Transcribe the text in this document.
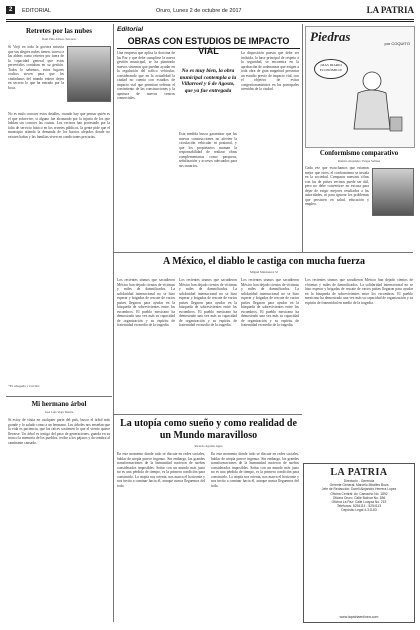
2	EDITORIAL	Oruro, Lunes 2 de octubre de 2017	LA PATRIA
Retretes por las nubes
Raúl Pino-Ichazo Terrazas
Si Vieji en toda la grosera miseria que sus alegres nubes tienen, suceso a las aldeas como retretes por fuera de la capacidad general que estos pervertidos contaban en su gestión. Todos lo sabemos, estos lugares ocultos sirven para que los ciudadanos del mundo entero dejen en secreto lo que ha entrado por la boca.
No es malo conocer estos detalles, cuando hay que pensar quién es el que sobrevive, si alguno fue alcanzado por la injuria de los que hablan sin conocer las causas. Los vecinos han protestado por la falta de servicio básico en los retretes públicos, la gente pide que el municipio atienda la demanda de los barrios alejados donde no existen baños y las familias viven en condiciones precarias.
*Es abogado y escritor.
Mi hermano árbol
José Luis Vega Duarte
Si estoy de visita en cualquier parte del país, busco el árbol más grande y lo saludo como a un hermano. Los árboles nos enseñan que la vida es paciencia, que las raíces sostienen lo que el viento quiere llevarse. Un árbol es testigo del paso de generaciones, guarda en su tronco la memoria de los pueblos, recibe a los pájaros y da sombra al caminante cansado.
Editorial
OBRAS CON ESTUDIOS DE IMPACTO VIAL
Una empresa que aplica la doctrina de las Paz y que debe cumplirse la nueva gestión municipal, se ha planteado nuevos sistemas que puedan ayudar en la regulación del tráfico vehicular, considerando que en la actualidad la ciudad no cuenta con estudios de impacto vial que permitan ordenar el crecimiento de las construcciones y la apertura de nuevos centros comerciales.
No es muy bien, la obra municipal contempla a la Villarroel y 6 de Agosto, que ya fue entregada
Esta medida busca garantizar que las nuevas construcciones no afecten la circulación vehicular ni peatonal, y que los propietarios asuman la responsabilidad de realizar obras complementarias como parqueos, señalización y accesos adecuados para sus usuarios.
La disposición puesta que debe ser incluida, la base principal de respeto a la seguridad, se encuentra en la aprobación de ordenanzas que exigen a toda obra de gran magnitud presentar un estudio previo de impacto vial, con el objetivo de evitar congestionamientos en las principales avenidas de la ciudad.
Piedras	por COQUITO
¡MAS DIARIO ECONÓMICO!
Conformismo comparativo
Ramiro Alejandro Vargas Salinas
Cada vez que escuchamos que estamos mejor que otros, el conformismo se instala en la sociedad. Comparar nuestras cifras con las de países vecinos puede ser útil, pero no debe convertirse en excusa para dejar de exigir mejores resultados a las autoridades, ni para ignorar los problemas que persisten en salud, educación y empleo.
A México, el diablo le castiga con mucha fuerza
Miguel Manzanera SJ
Los recientes sismos que sacudieron México han dejado cientos de víctimas y miles de damnificados. La solidaridad internacional no se hizo esperar y brigadas de rescate de varios países llegaron para ayudar en la búsqueda de sobrevivientes entre los escombros. El pueblo mexicano ha demostrado una vez más su capacidad de organización y su espíritu de fraternidad en medio de la tragedia.
Los recientes sismos que sacudieron México han dejado cientos de víctimas y miles de damnificados. La solidaridad internacional no se hizo esperar y brigadas de rescate de varios países llegaron para ayudar en la búsqueda de sobrevivientes entre los escombros. El pueblo mexicano ha demostrado una vez más su capacidad de organización y su espíritu de fraternidad en medio de la tragedia.
Los recientes sismos que sacudieron México han dejado cientos de víctimas y miles de damnificados. La solidaridad internacional no se hizo esperar y brigadas de rescate de varios países llegaron para ayudar en la búsqueda de sobrevivientes entre los escombros. El pueblo mexicano ha demostrado una vez más su capacidad de organización y su espíritu de fraternidad en medio de la tragedia.
Los recientes sismos que sacudieron México han dejado cientos de víctimas y miles de damnificados. La solidaridad internacional no se hizo esperar y brigadas de rescate de varios países llegaron para ayudar en la búsqueda de sobrevivientes entre los escombros. El pueblo mexicano ha demostrado una vez más su capacidad de organización y su espíritu de fraternidad en medio de la tragedia.
La utopía como sueño y como realidad de un Mundo maravilloso
Ricardo Aguilar Agua
En este momento donde todo se discute en redes sociales, hablar de utopía parece ingenuo. Sin embargo, las grandes transformaciones de la humanidad nacieron de sueños considerados imposibles. Soñar con un mundo más justo no es una pérdida de tiempo, es la primera condición para construirlo. La utopía nos orienta, nos marca el horizonte y nos invita a caminar hacia él, aunque nunca lleguemos del todo.
En este momento donde todo se discute en redes sociales, hablar de utopía parece ingenuo. Sin embargo, las grandes transformaciones de la humanidad nacieron de sueños considerados imposibles. Soñar con un mundo más justo no es una pérdida de tiempo, es la primera condición para construirlo. La utopía nos orienta, nos marca el horizonte y nos invita a caminar hacia él, aunque nunca lleguemos del todo.
LA PATRIA

Directorio - Gerencia

Gerente General: Marcelo Miralles Bova

Jefe de Redacción: Doreli Alejandro Herrera Lopez

Oficina Central: Av. Camacho No. 1892

Oficina Oruro: Calle Bolívar No. 556

Oficina La Paz: Calle Loayza No. 219

Teléfonos: 5254114 - 5254113

Depósito Legal 4-3-8-83

www.lapatriaenlinea.com
